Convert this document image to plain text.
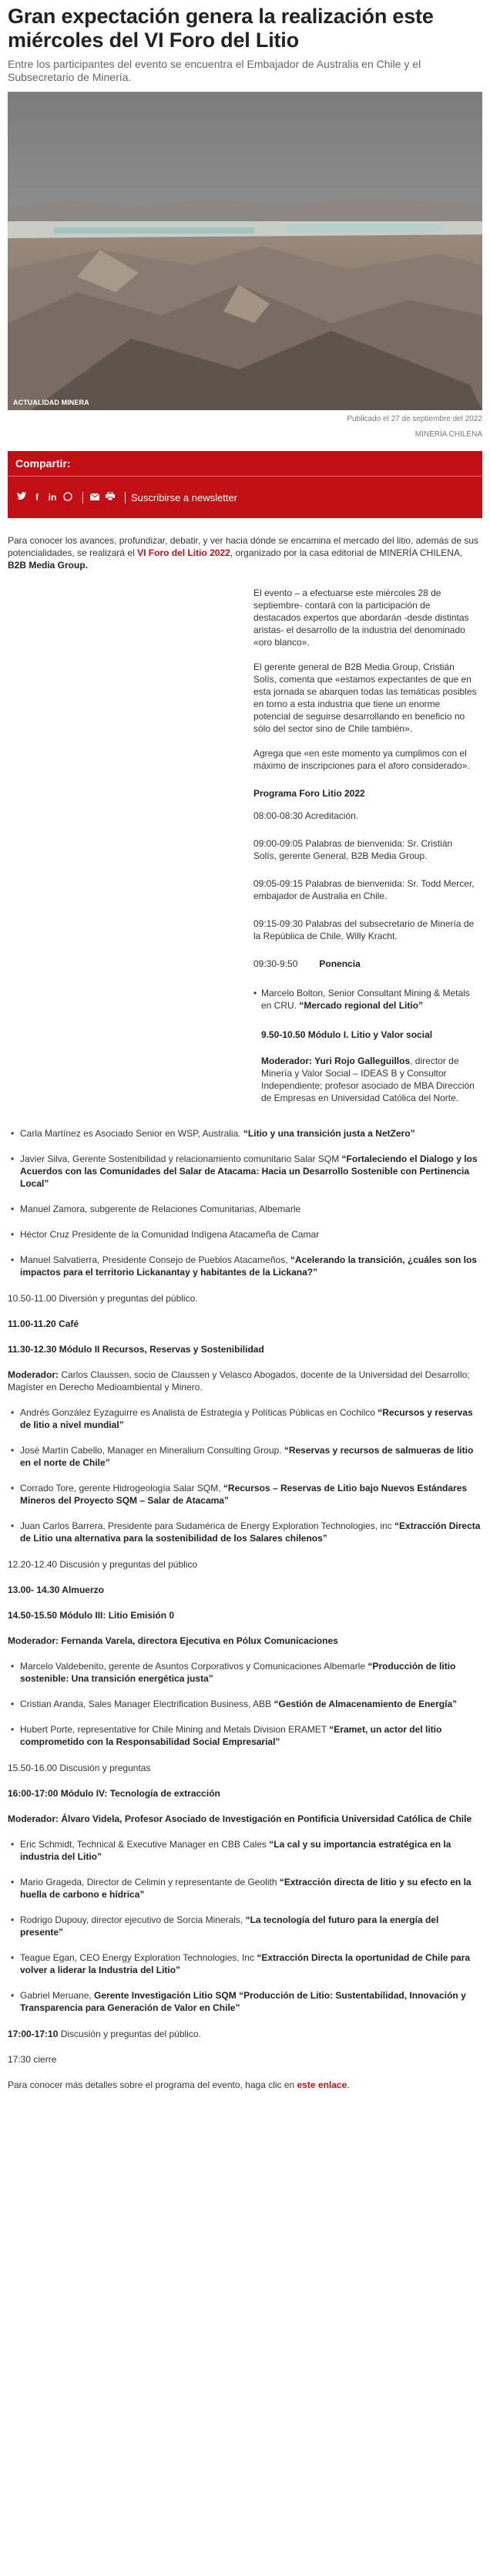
Gran expectación genera la realización este miércoles del VI Foro del Litio
Entre los participantes del evento se encuentra el Embajador de Australia en Chile y el Subsecretario de Minería.
ACTUALIDAD MINERA
Publicado el 27 de septiembre del 2022
MINERÍA CHILENA
Compartir:
f	in	Suscribirse a newsletter

Para conocer los avances, profundizar, debatir, y ver hacia dónde se encamina el mercado del litio, además de sus potencialidades, se realizará el VI Foro del Litio 2022, organizado por la casa editorial de MINERÍA CHILENA, B2B Media Group.

El evento – a efectuarse este miércoles 28 de septiembre- contará con la participación de destacados expertos que abordarán -desde distintas aristas- el desarrollo de la industria del denominado «oro blanco».

El gerente general de B2B Media Group, Cristián Solís, comenta que «estamos expectantes de que en esta jornada se abarquen todas las temáticas posibles en torno a esta industria que tiene un enorme potencial de seguirse desarrollando en beneficio no sólo del sector sino de Chile también».

Agrega que «en este momento ya cumplimos con el máximo de inscripciones para el aforo considerado».

Programa Foro Litio 2022

08:00-08:30 Acreditación.

09:00-09:05 Palabras de bienvenida: Sr. Cristián Solís, gerente General, B2B Media Group.

09:05-09:15 Palabras de bienvenida: Sr. Todd Mercer, embajador de Australia en Chile.

09:15-09:30 Palabras del subsecretario de Minería de la República de Chile, Willy Kracht.

09:30-9:50 Ponencia

• Marcelo Bolton, Senior Consultant Mining & Metals en CRU. “Mercado regional del Litio”

9.50-10.50 Módulo I. Litio y Valor social

Moderador: Yuri Rojo Galleguillos, director de Minería y Valor Social – IDEAS B y Consultor Independiente; profesor asociado de MBA Dirección de Empresas en Universidad Católica del Norte.

• Carla Martínez es Asociado Senior en WSP, Australia. “Litio y una transición justa a NetZero”
• Javier Silva, Gerente Sostenibilidad y relacionamiento comunitario Salar SQM “Fortaleciendo el Dialogo y los Acuerdos con las Comunidades del Salar de Atacama: Hacia un Desarrollo Sostenible con Pertinencia Local”
• Manuel Zamora, subgerente de Relaciones Comunitarias, Albemarle
• Héctor Cruz Presidente de la Comunidad Indígena Atacameña de Camar
• Manuel Salvatierra, Presidente Consejo de Pueblos Atacameños, “Acelerando la transición, ¿cuáles son los impactos para el territorio Lickanantay y habitantes de la Lickana?”

10.50-11.00 Diversión y preguntas del público.

11.00-11.20 Café

11.30-12.30 Módulo II Recursos, Reservas y Sostenibilidad

Moderador: Carlos Claussen, socio de Claussen y Velasco Abogados, docente de la Universidad del Desarrollo; Magíster en Derecho Medioambiental y Minero.

• Andrés González Eyzaguirre es Analista de Estrategia y Políticas Públicas en Cochilco “Recursos y reservas de litio a nivel mundial”
• José Martín Cabello, Manager en Mineralium Consulting Group. “Reservas y recursos de salmueras de litio en el norte de Chile”
• Corrado Tore, gerente Hidrogeología Salar SQM, “Recursos – Reservas de Litio bajo Nuevos Estándares Mineros del Proyecto SQM – Salar de Atacama”
• Juan Carlos Barrera, Presidente para Sudamérica de Energy Exploration Technologies, inc “Extracción Directa de Litio una alternativa para la sostenibilidad de los Salares chilenos”

12.20-12.40 Discusión y preguntas del público

13.00- 14.30 Almuerzo

14.50-15.50 Módulo III: Litio Emisión 0

Moderador: Fernanda Varela, directora Ejecutiva en Pólux Comunicaciones

• Marcelo Valdebenito, gerente de Asuntos Corporativos y Comunicaciones Albemarle “Producción de litio sostenible: Una transición energética justa”
• Cristian Aranda, Sales Manager Electrification Business, ABB “Gestión de Almacenamiento de Energía”
• Hubert Porte, representative for Chile Mining and Metals Division ERAMET “Eramet, un actor del litio comprometido con la Responsabilidad Social Empresarial”

15.50-16.00 Discusión y preguntas

16:00-17:00 Módulo IV: Tecnología de extracción

Moderador: Álvaro Videla, Profesor Asociado de Investigación en Pontificia Universidad Católica de Chile

• Eric Schmidt, Technical & Executive Manager en CBB Cales “La cal y su importancia estratégica en la industria del Litio”
• Mario Grageda, Director de Celimin y representante de Geolith “Extracción directa de litio y su efecto en la huella de carbono e hídrica”
• Rodrigo Dupouy, director ejecutivo de Sorcia Minerals, “La tecnología del futuro para la energía del presente”
• Teague Egan, CEO Energy Exploration Technologies, Inc “Extracción Directa la oportunidad de Chile para volver a liderar la Industria del Litio”
• Gabriel Meruane, Gerente Investigación Litio SQM “Producción de Litio: Sustentabilidad, Innovación y Transparencia para Generación de Valor en Chile”

17:00-17:10 Discusión y preguntas del público.

17:30 cierre

Para conocer más detalles sobre el programa del evento, haga clic en este enlace.
